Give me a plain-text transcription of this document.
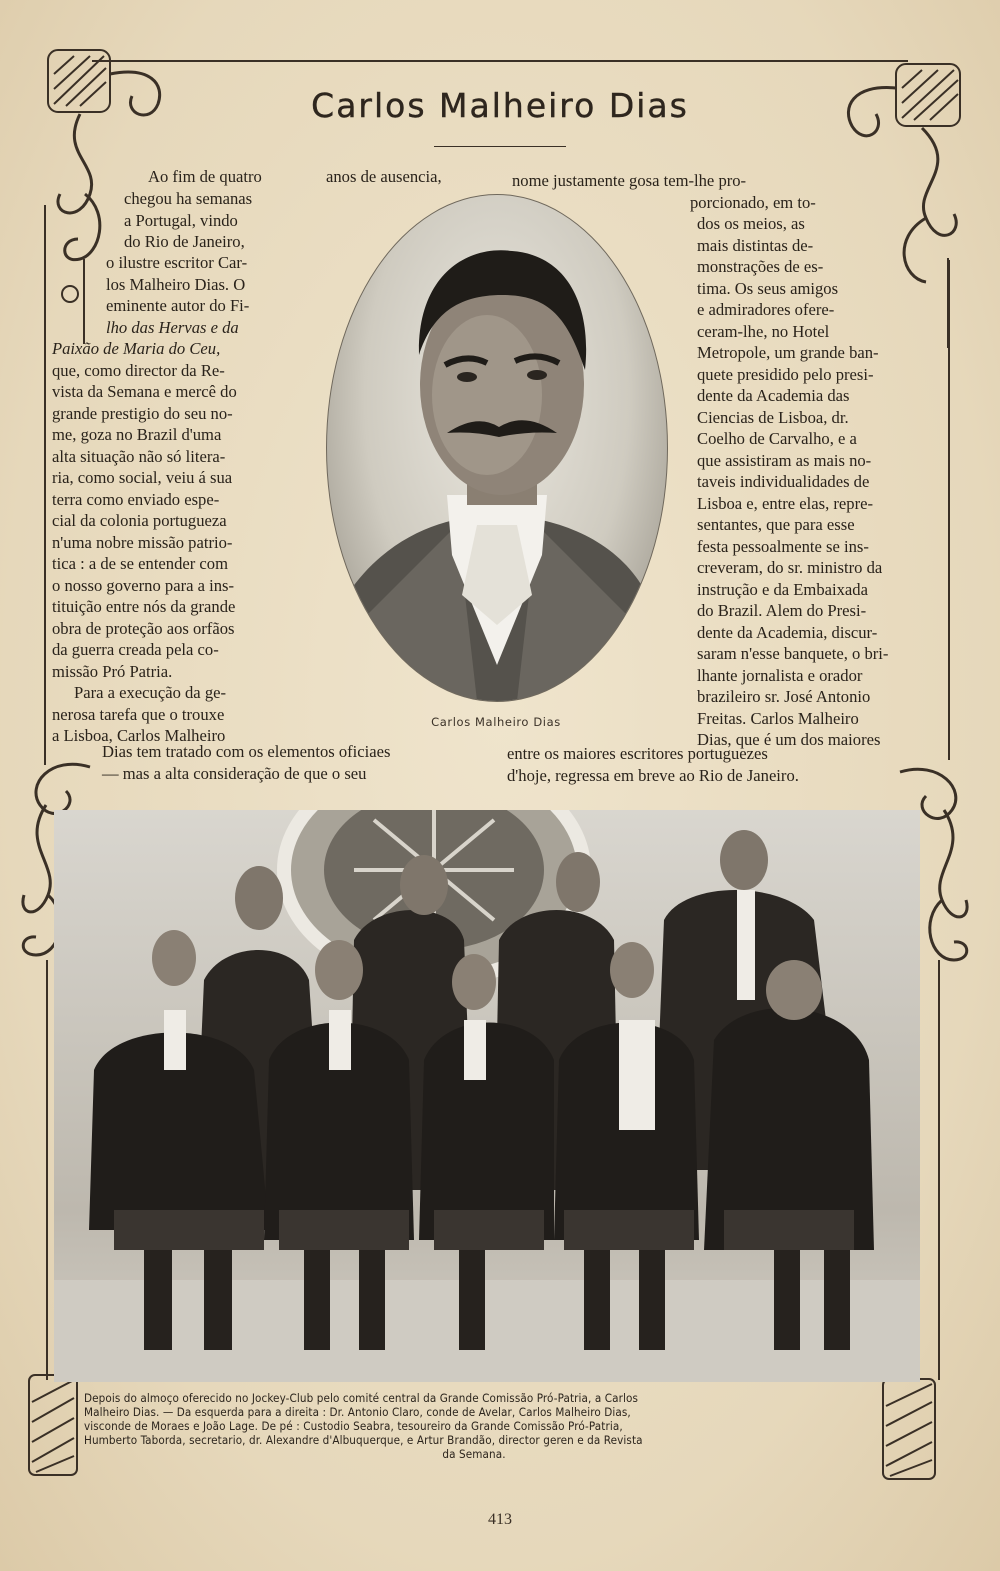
Carlos Malheiro Dias

Ao fim de quatro	anos de ausencia,	nome justamente gosa tem-lhe pro-

chegou ha semanas

a Portugal, vindo

do Rio de Janeiro,

o ilustre escritor Car-

los Malheiro Dias. O

eminente autor do Fi-

lho das Hervas e da

Paixão de Maria do Ceu,

que, como director da Re-

vista da Semana e mercê do

grande prestigio do seu no-

me, goza no Brazil d'uma

alta situação não só litera-

ria, como social, veiu á sua

terra como enviado espe-

cial da colonia portugueza

n'uma nobre missão patrio-

tica : a de se entender com

o nosso governo para a ins-

tituição entre nós da grande

obra de proteção aos orfãos

da guerra creada pela co-

missão Pró Patria.

Para a execução da ge-

nerosa tarefa que o trouxe

a Lisboa, Carlos Malheiro

Carlos Malheiro Dias

porcionado, em to-

dos os meios, as

mais distintas de-

monstrações de es-

tima. Os seus amigos

e admiradores ofere-

ceram-lhe, no Hotel

Metropole, um grande ban-

quete presidido pelo presi-

dente da Academia das

Ciencias de Lisboa, dr.

Coelho de Carvalho, e a

que assistiram as mais no-

taveis individualidades de

Lisboa e, entre elas, repre-

sentantes, que para esse

festa pessoalmente se ins-

creveram, do sr. ministro da

instrução e da Embaixada

do Brazil. Alem do Presi-

dente da Academia, discur-

saram n'esse banquete, o bri-

lhante jornalista e orador

brazileiro sr. José Antonio

Freitas. Carlos Malheiro

Dias, que é um dos maiores

Dias tem tratado com os elementos oficiaes

— mas a alta consideração de que o seu

entre os maiores escritores portuguezes

d'hoje, regressa em breve ao Rio de Janeiro.

Depois do almoço oferecido no Jockey-Club pelo comité central da Grande Comissão Pró-Patria, a Carlos
Malheiro Dias. — Da esquerda para a direita : Dr. Antonio Claro, conde de Avelar, Carlos Malheiro Dias,
visconde de Moraes e João Lage. De pé : Custodio Seabra, tesoureiro da Grande Comissão Pró-Patria,
Humberto Taborda, secretario, dr. Alexandre d'Albuquerque, e Artur Brandão, director geren e da Revista
da Semana.
413
